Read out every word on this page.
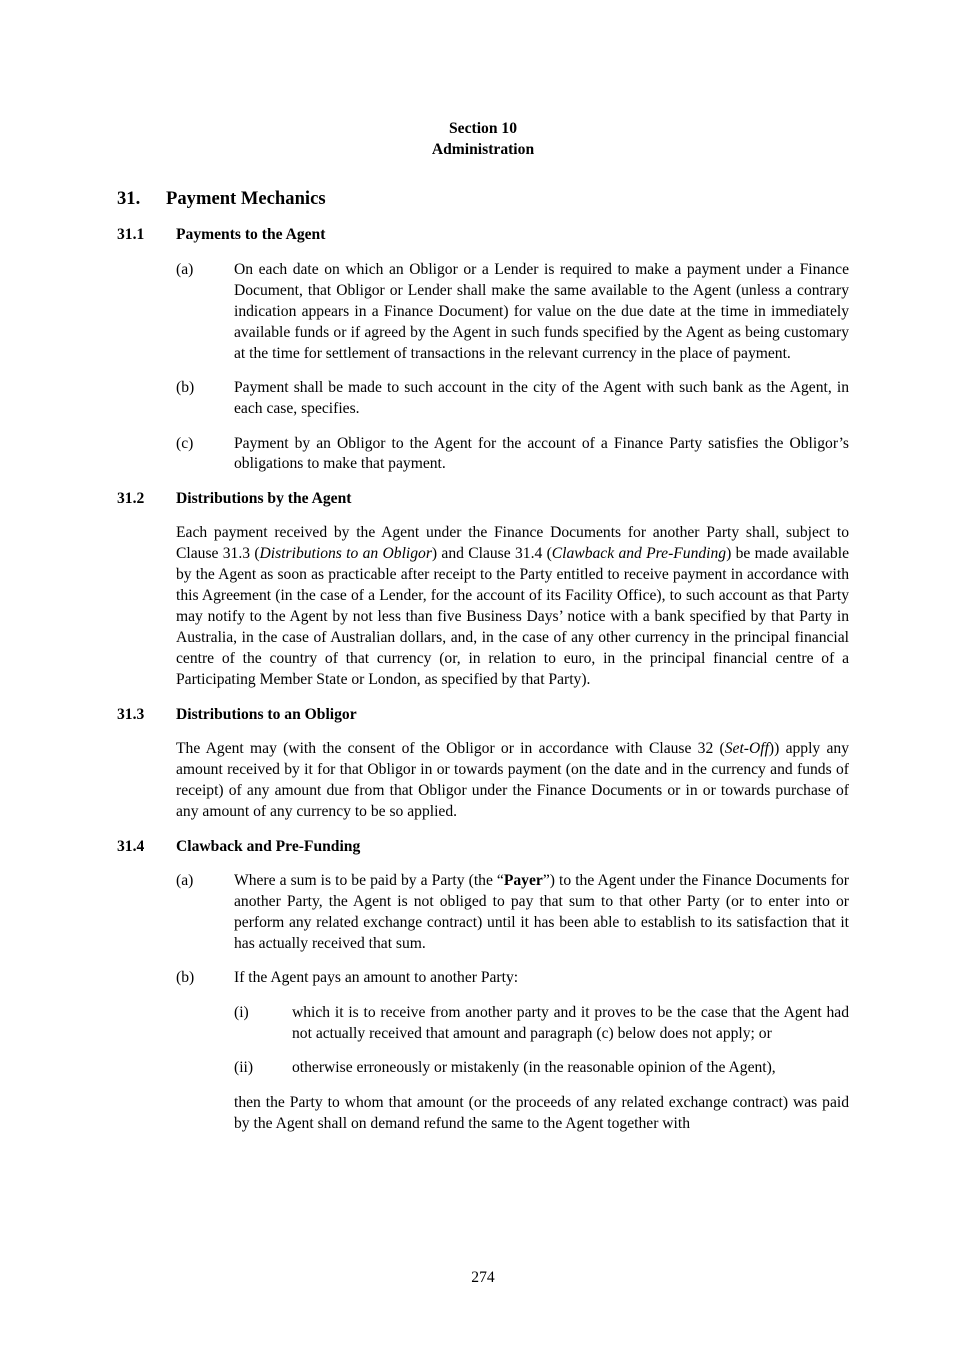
Section 10
Administration
31.	Payment Mechanics
31.1	Payments to the Agent
(a)	On each date on which an Obligor or a Lender is required to make a payment under a Finance Document, that Obligor or Lender shall make the same available to the Agent (unless a contrary indication appears in a Finance Document) for value on the due date at the time in immediately available funds or if agreed by the Agent in such funds specified by the Agent as being customary at the time for settlement of transactions in the relevant currency in the place of payment.
(b)	Payment shall be made to such account in the city of the Agent with such bank as the Agent, in each case, specifies.
(c)	Payment by an Obligor to the Agent for the account of a Finance Party satisfies the Obligor’s obligations to make that payment.
31.2	Distributions by the Agent
Each payment received by the Agent under the Finance Documents for another Party shall, subject to Clause 31.3 (Distributions to an Obligor) and Clause 31.4 (Clawback and Pre-Funding) be made available by the Agent as soon as practicable after receipt to the Party entitled to receive payment in accordance with this Agreement (in the case of a Lender, for the account of its Facility Office), to such account as that Party may notify to the Agent by not less than five Business Days’ notice with a bank specified by that Party in Australia, in the case of Australian dollars, and, in the case of any other currency in the principal financial centre of the country of that currency (or, in relation to euro, in the principal financial centre of a Participating Member State or London, as specified by that Party).
31.3	Distributions to an Obligor
The Agent may (with the consent of the Obligor or in accordance with Clause 32 (Set-Off)) apply any amount received by it for that Obligor in or towards payment (on the date and in the currency and funds of receipt) of any amount due from that Obligor under the Finance Documents or in or towards purchase of any amount of any currency to be so applied.
31.4	Clawback and Pre-Funding
(a)	Where a sum is to be paid by a Party (the “Payer”) to the Agent under the Finance Documents for another Party, the Agent is not obliged to pay that sum to that other Party (or to enter into or perform any related exchange contract) until it has been able to establish to its satisfaction that it has actually received that sum.
(b)	If the Agent pays an amount to another Party:
(i)	which it is to receive from another party and it proves to be the case that the Agent had not actually received that amount and paragraph (c) below does not apply; or
(ii)	otherwise erroneously or mistakenly (in the reasonable opinion of the Agent),
then the Party to whom that amount (or the proceeds of any related exchange contract) was paid by the Agent shall on demand refund the same to the Agent together with
274
